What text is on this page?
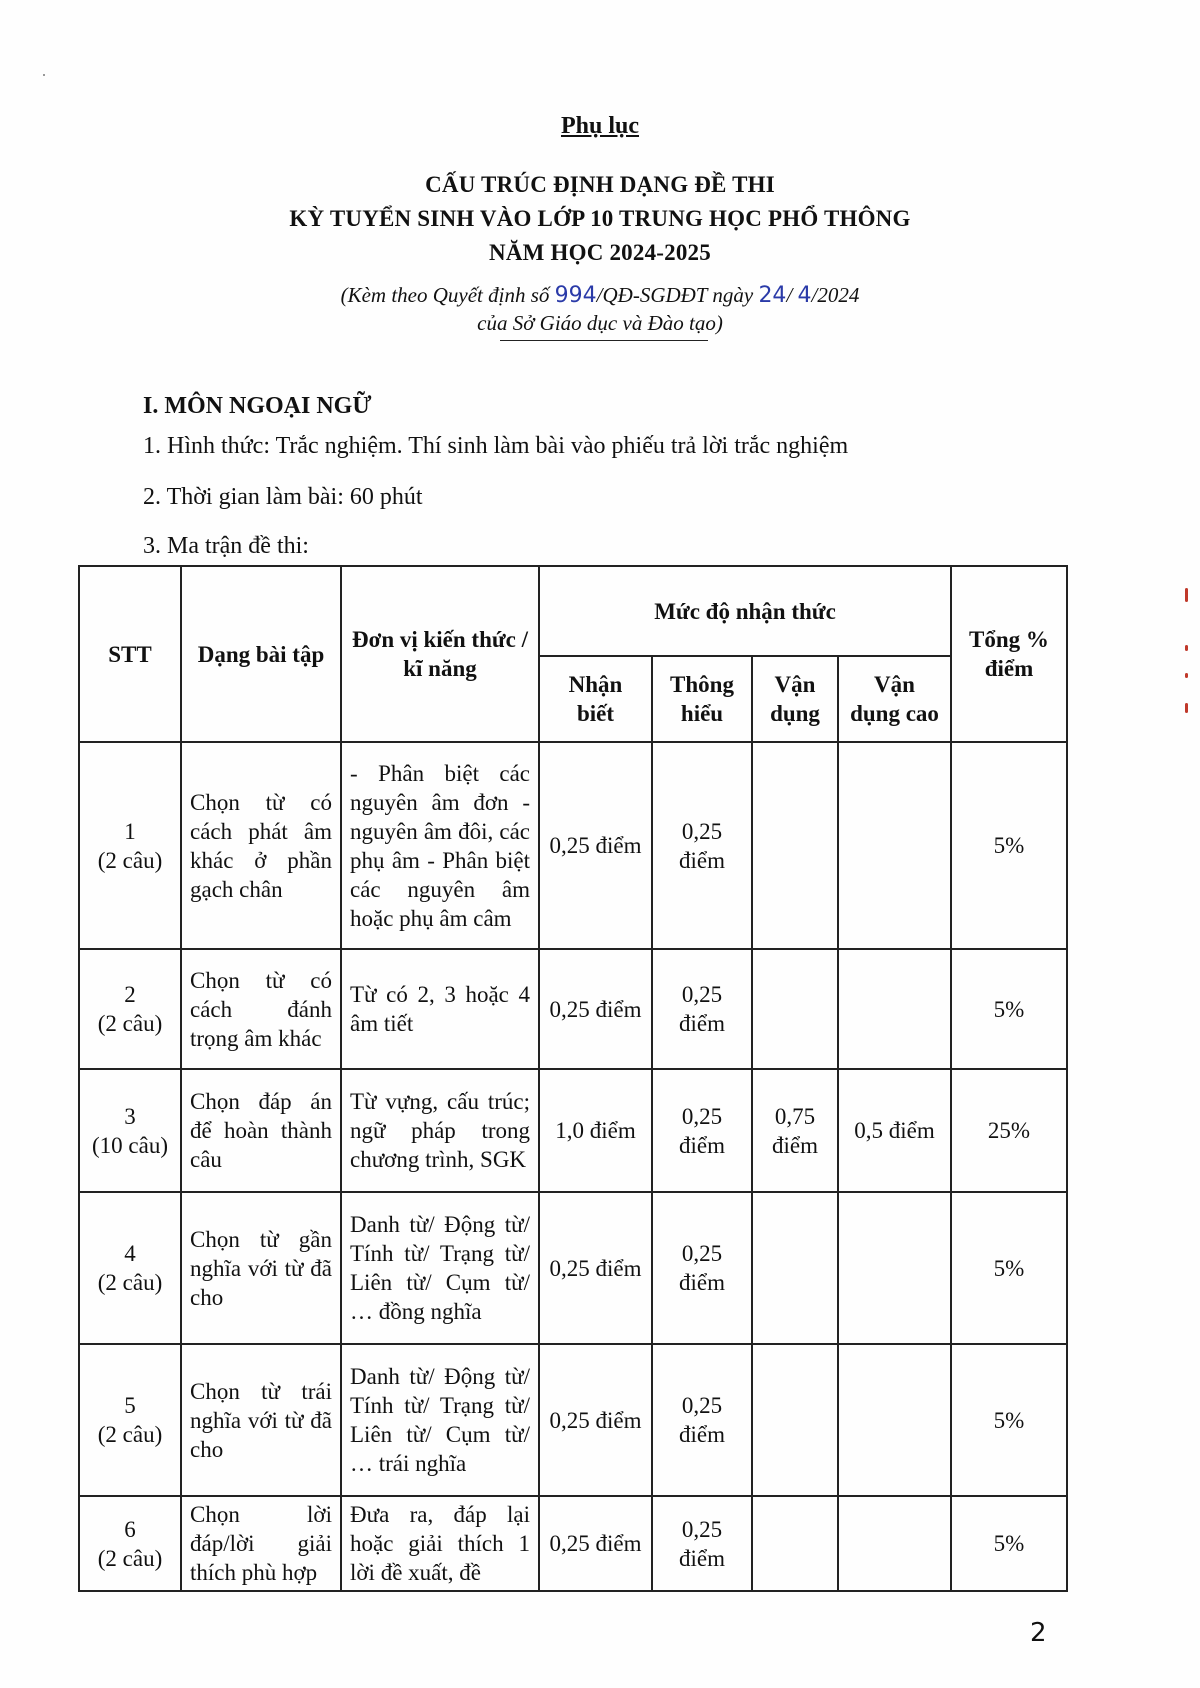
Phụ lục
CẤU TRÚC ĐỊNH DẠNG ĐỀ THI
KỲ TUYỂN SINH VÀO LỚP 10 TRUNG HỌC PHỔ THÔNG
NĂM HỌC 2024-2025
(Kèm theo Quyết định số 994/QĐ-SGDĐT ngày 24/ 4/2024
của Sở Giáo dục và Đào tạo)
I. MÔN NGOẠI NGỮ
1. Hình thức: Trắc nghiệm. Thí sinh làm bài vào phiếu trả lời trắc nghiệm
2. Thời gian làm bài: 60 phút
3. Ma trận đề thi:
STT	Dạng bài tập	Đơn vị kiến thức / kĩ năng	Mức độ nhận thức				Tổng % điểm
			Nhận biết	Thông hiểu	Vận dụng	Vận dụng cao	
1
(2 câu)	Chọn từ có cách phát âm khác ở phần gạch chân	- Phân biệt các nguyên âm đơn - nguyên âm đôi, các phụ âm - Phân biệt các nguyên âm hoặc phụ âm câm	0,25 điểm	0,25 điểm			5%
2
(2 câu)	Chọn từ có cách đánh trọng âm khác	Từ có 2, 3 hoặc 4 âm tiết	0,25 điểm	0,25 điểm			5%
3
(10 câu)	Chọn đáp án để hoàn thành câu	Từ vựng, cấu trúc; ngữ pháp trong chương trình, SGK	1,0 điểm	0,25 điểm	0,75 điểm	0,5 điểm	25%
4
(2 câu)	Chọn từ gần nghĩa với từ đã cho	Danh từ/ Động từ/ Tính từ/ Trạng từ/ Liên từ/ Cụm từ/ … đồng nghĩa	0,25 điểm	0,25 điểm			5%
5
(2 câu)	Chọn từ trái nghĩa với từ đã cho	Danh từ/ Động từ/ Tính từ/ Trạng từ/ Liên từ/ Cụm từ/ … trái nghĩa	0,25 điểm	0,25 điểm			5%
6
(2 câu)	Chọn lời đáp/lời giải thích phù hợp	Đưa ra, đáp lại hoặc giải thích 1 lời đề xuất, đề	0,25 điểm	0,25 điểm			5%
2
